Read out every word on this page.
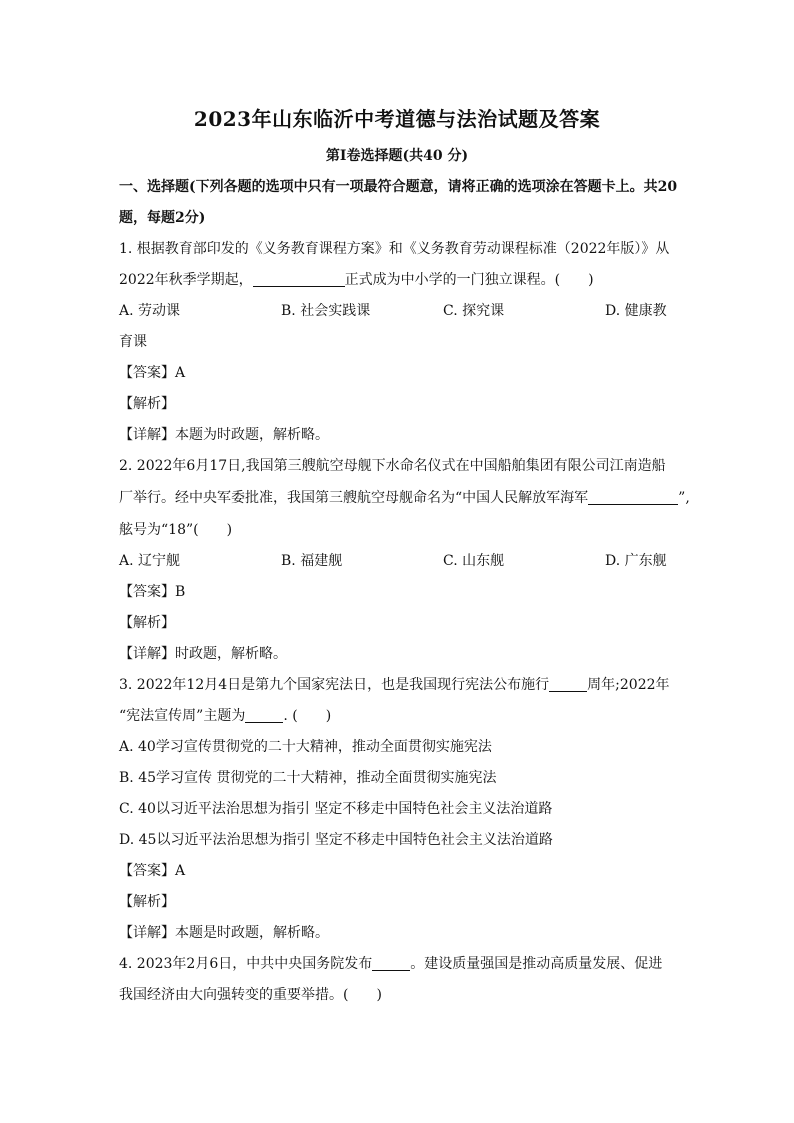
2023年山东临沂中考道德与法治试题及答案
第Ⅰ卷选择题(共40 分)
一、选择题(下列各题的选项中只有一项最符合题意，请将正确的选项涂在答题卡上。共20
题，每题2分)
1. 根据教育部印发的《义务教育课程方案》和《义务教育劳动课程标准（2022年版）》从
2022年秋季学期起，	正式成为中小学的一门独立课程。(　　)
A. 劳动课	B. 社会实践课	C. 探究课	D. 健康教
育课
【答案】A
【解析】
【详解】本题为时政题，解析略。
2. 2022年6月17日,我国第三艘航空母舰下水命名仪式在中国船舶集团有限公司江南造船
厂举行。经中央军委批准，我国第三艘航空母舰命名为“中国人民解放军海军	”,
舷号为“18”(　　)
A. 辽宁舰	B. 福建舰	C. 山东舰	D. 广东舰
【答案】B
【解析】
【详解】时政题，解析略。
3. 2022年12月4日是第九个国家宪法日，也是我国现行宪法公布施行	周年;2022年
“宪法宣传周”主题为	. (　　)
A. 40学习宣传贯彻党的二十大精神，推动全面贯彻实施宪法
B. 45学习宣传 贯彻党的二十大精神，推动全面贯彻实施宪法
C. 40以习近平法治思想为指引 坚定不移走中国特色社会主义法治道路
D. 45以习近平法治思想为指引 坚定不移走中国特色社会主义法治道路
【答案】A
【解析】
【详解】本题是时政题，解析略。
4. 2023年2月6日，中共中央国务院发布	。建设质量强国是推动高质量发展、促进
我国经济由大向强转变的重要举措。(　　)
